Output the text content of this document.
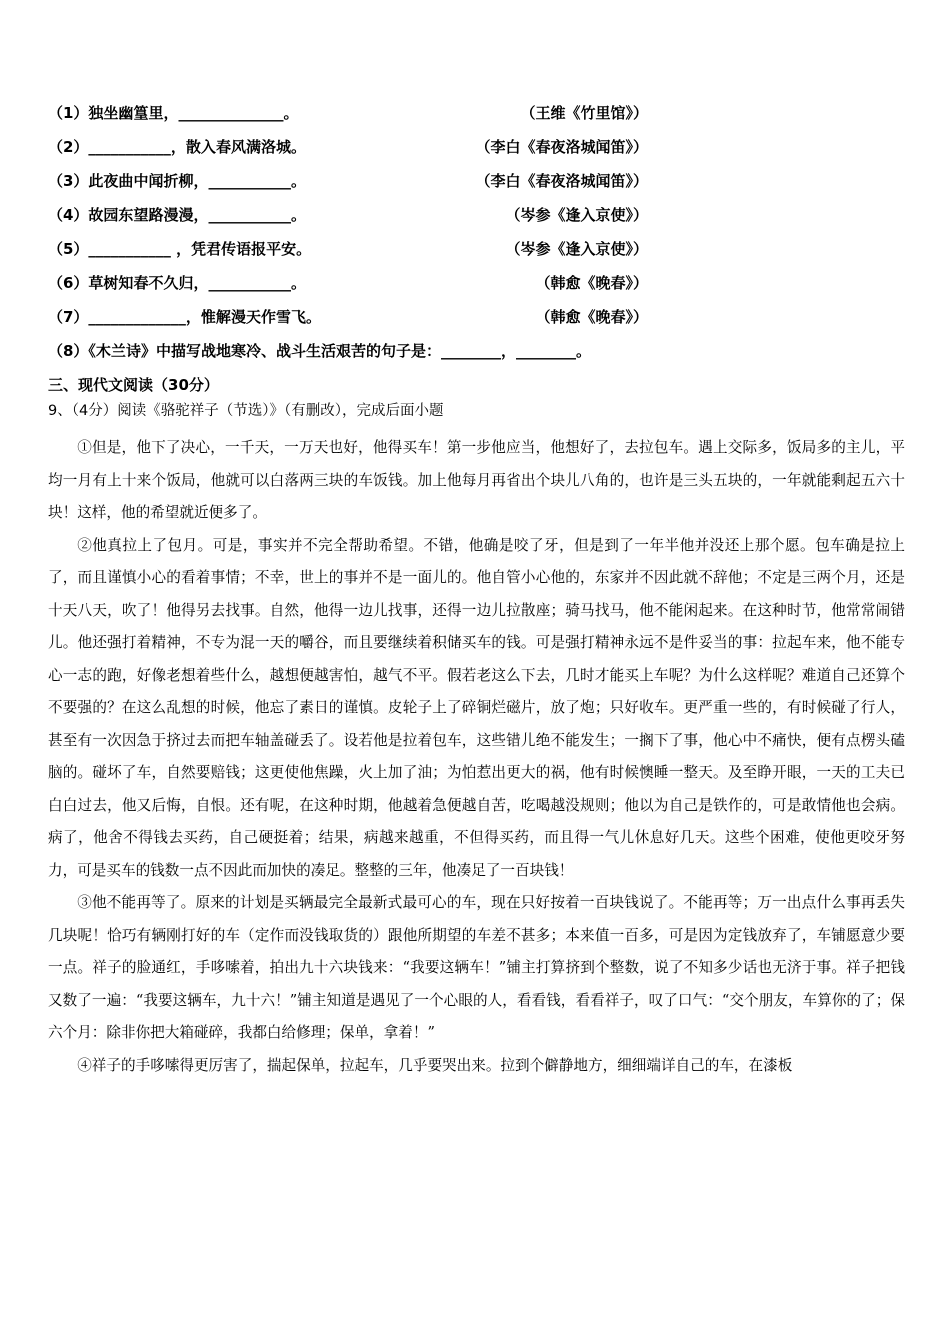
（1）独坐幽篁里，______________。	（王维《竹里馆》）
（2）___________，散入春风满洛城。	（李白《春夜洛城闻笛》）
（3）此夜曲中闻折柳，___________。	（李白《春夜洛城闻笛》）
（4）故园东望路漫漫，___________。	（岑参《逢入京使》）
（5）___________ ，凭君传语报平安。	（岑参《逢入京使》）
（6）草树知春不久归，___________。	（韩愈《晚春》）
（7）_____________，惟解漫天作雪飞。	（韩愈《晚春》）
（8）《木兰诗》中描写战地寒冷、战斗生活艰苦的句子是：________，________。
三、现代文阅读（30分）
9、（4分）阅读《骆驼祥子（节选）》（有删改），完成后面小题

①但是，他下了决心，一千天，一万天也好，他得买车！第一步他应当，他想好了，去拉包车。遇上交际多，饭局多的主儿，平均一月有上十来个饭局，他就可以白落两三块的车饭钱。加上他每月再省出个块儿八角的，也许是三头五块的，一年就能剩起五六十块！这样，他的希望就近便多了。

②他真拉上了包月。可是，事实并不完全帮助希望。不错，他确是咬了牙，但是到了一年半他并没还上那个愿。包车确是拉上了，而且谨慎小心的看着事情；不幸，世上的事并不是一面儿的。他自管小心他的，东家并不因此就不辞他；不定是三两个月，还是十天八天，吹了！他得另去找事。自然，他得一边儿找事，还得一边儿拉散座；骑马找马，他不能闲起来。在这种时节，他常常闹错儿。他还强打着精神，不专为混一天的嚼谷，而且要继续着积储买车的钱。可是强打精神永远不是件妥当的事：拉起车来，他不能专心一志的跑，好像老想着些什么，越想便越害怕，越气不平。假若老这么下去，几时才能买上车呢？为什么这样呢？难道自己还算个不要强的？在这么乱想的时候，他忘了素日的谨慎。皮轮子上了碎铜烂磁片，放了炮；只好收车。更严重一些的，有时候碰了行人，甚至有一次因急于挤过去而把车轴盖碰丢了。设若他是拉着包车，这些错儿绝不能发生；一搁下了事，他心中不痛快，便有点楞头磕脑的。碰坏了车，自然要赔钱；这更使他焦躁，火上加了油；为怕惹出更大的祸，他有时候懊睡一整天。及至睁开眼，一天的工夫已白白过去，他又后悔，自恨。还有呢，在这种时期，他越着急便越自苦，吃喝越没规则；他以为自己是铁作的，可是敢情他也会病。病了，他舍不得钱去买药，自己硬挺着；结果，病越来越重，不但得买药，而且得一气儿休息好几天。这些个困难，使他更咬牙努力，可是买车的钱数一点不因此而加快的凑足。整整的三年，他凑足了一百块钱！

③他不能再等了。原来的计划是买辆最完全最新式最可心的车，现在只好按着一百块钱说了。不能再等；万一出点什么事再丢失几块呢！恰巧有辆刚打好的车（定作而没钱取货的）跟他所期望的车差不甚多；本来值一百多，可是因为定钱放弃了，车铺愿意少要一点。祥子的脸通红，手哆嗦着，拍出九十六块钱来：“我要这辆车！”铺主打算挤到个整数，说了不知多少话也无济于事。祥子把钱又数了一遍：“我要这辆车，九十六！”铺主知道是遇见了一个心眼的人，看看钱，看看祥子，叹了口气：“交个朋友，车算你的了；保六个月：除非你把大箱碰碎，我都白给修理；保单，拿着！”

④祥子的手哆嗦得更厉害了，揣起保单，拉起车，几乎要哭出来。拉到个僻静地方，细细端详自己的车，在漆板
